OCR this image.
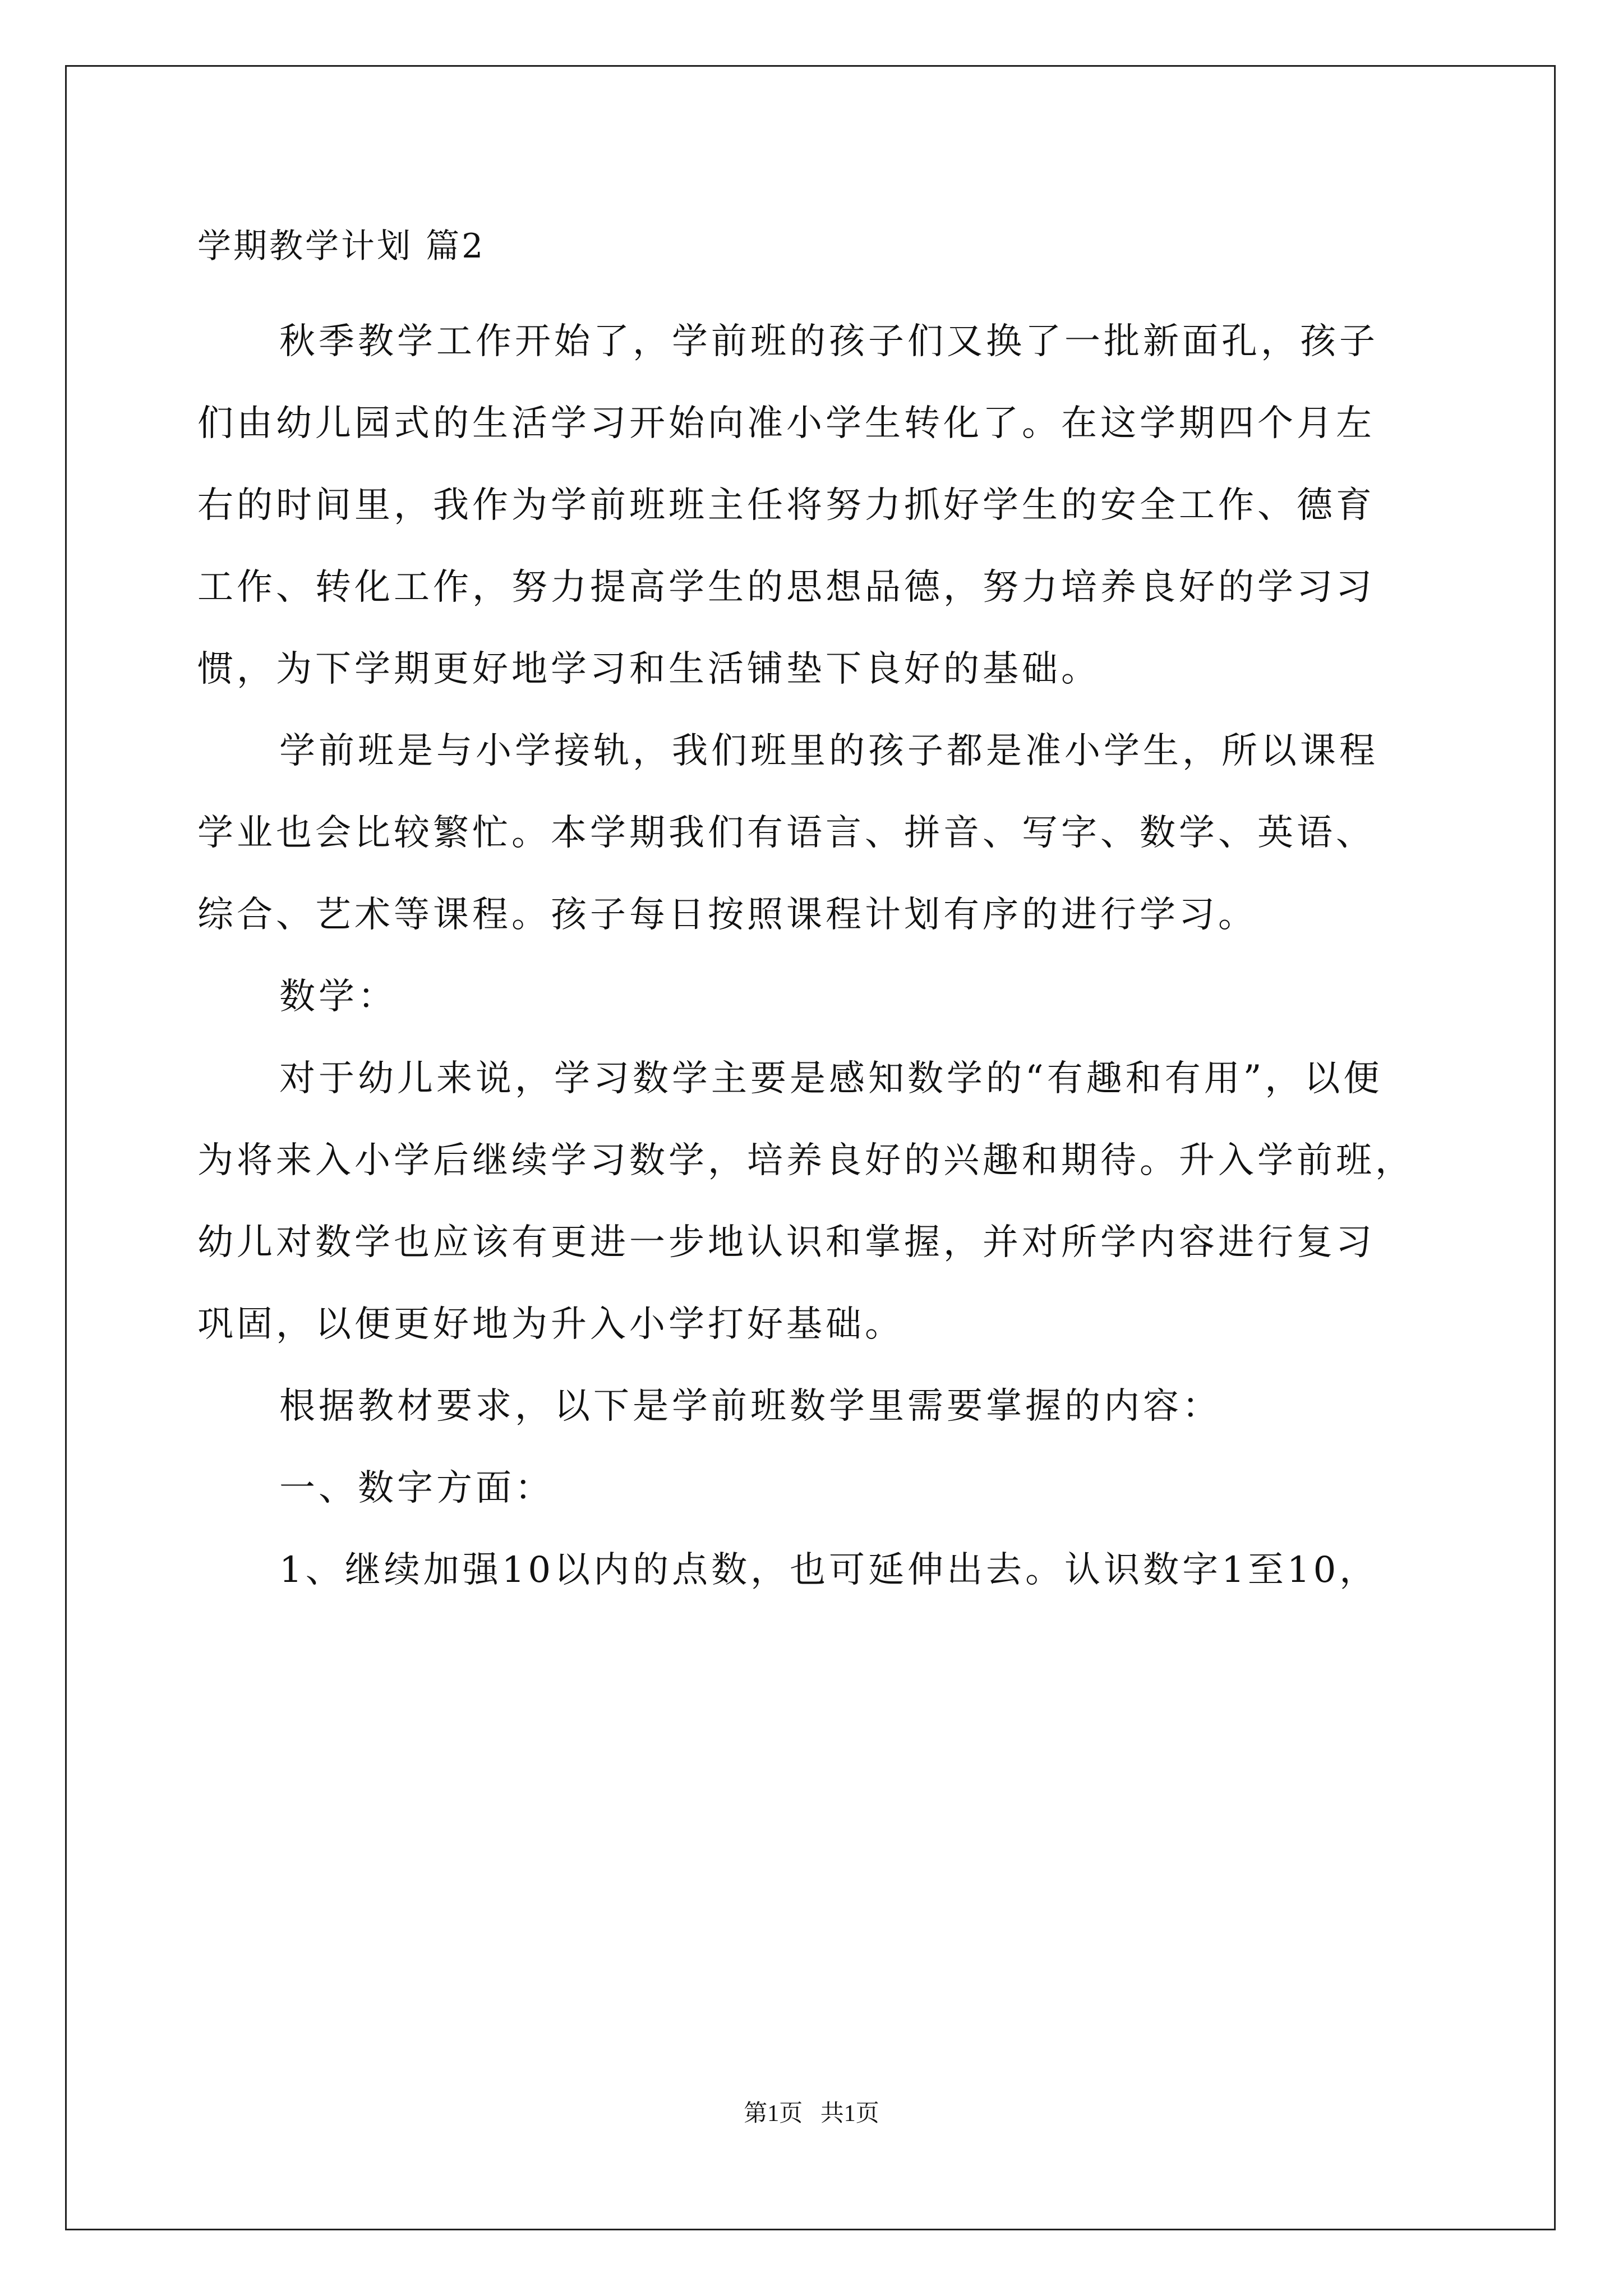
学期教学计划 篇2

秋季教学工作开始了，学前班的孩子们又换了一批新面孔，孩子
们由幼儿园式的生活学习开始向准小学生转化了。在这学期四个月左
右的时间里，我作为学前班班主任将努力抓好学生的安全工作、德育
工作、转化工作，努力提高学生的思想品德，努力培养良好的学习习
惯，为下学期更好地学习和生活铺垫下良好的基础。

学前班是与小学接轨，我们班里的孩子都是准小学生，所以课程
学业也会比较繁忙。本学期我们有语言、拼音、写字、数学、英语、
综合、艺术等课程。孩子每日按照课程计划有序的进行学习。

数学：

对于幼儿来说，学习数学主要是感知数学的“有趣和有用”，以便
为将来入小学后继续学习数学，培养良好的兴趣和期待。升入学前班，
幼儿对数学也应该有更进一步地认识和掌握，并对所学内容进行复习
巩固，以便更好地为升入小学打好基础。

根据教材要求，以下是学前班数学里需要掌握的内容：

一、数字方面：

1、继续加强10以内的点数，也可延伸出去。认识数字1至10，

第1页   共1页
